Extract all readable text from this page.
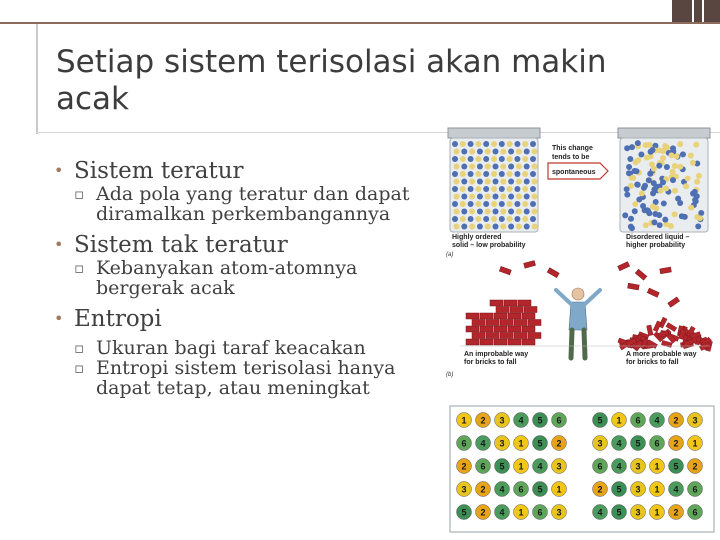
Setiap sistem terisolasi akan makin acak
• Sistem teratur
▫ Ada pola yang teratur dan dapat diramalkan perkembangannya
• Sistem tak teratur
▫ Kebanyakan atom-atomnya bergerak acak
• Entropi
▫ Ukuran bagi taraf keacakan
▫ Entropi sistem terisolasi hanya dapat tetap, atau meningkat
This change
tends to be
spontaneous
Highly ordered
solid – low probability
Disordered liquid –
higher probability
(a)
An improbable way
for bricks to fall
A more probable way
for bricks to fall
(b)
1 2 3 4 5 6
6 4 3 1 5 2
2 6 5 1 4 3
3 2 4 6 5 1
5 2 4 1 6 3
5 1 6 4 2 3
3 4 5 6 2 1
6 4 3 1 5 2
2 5 3 1 4 6
4 5 3 1 2 6
